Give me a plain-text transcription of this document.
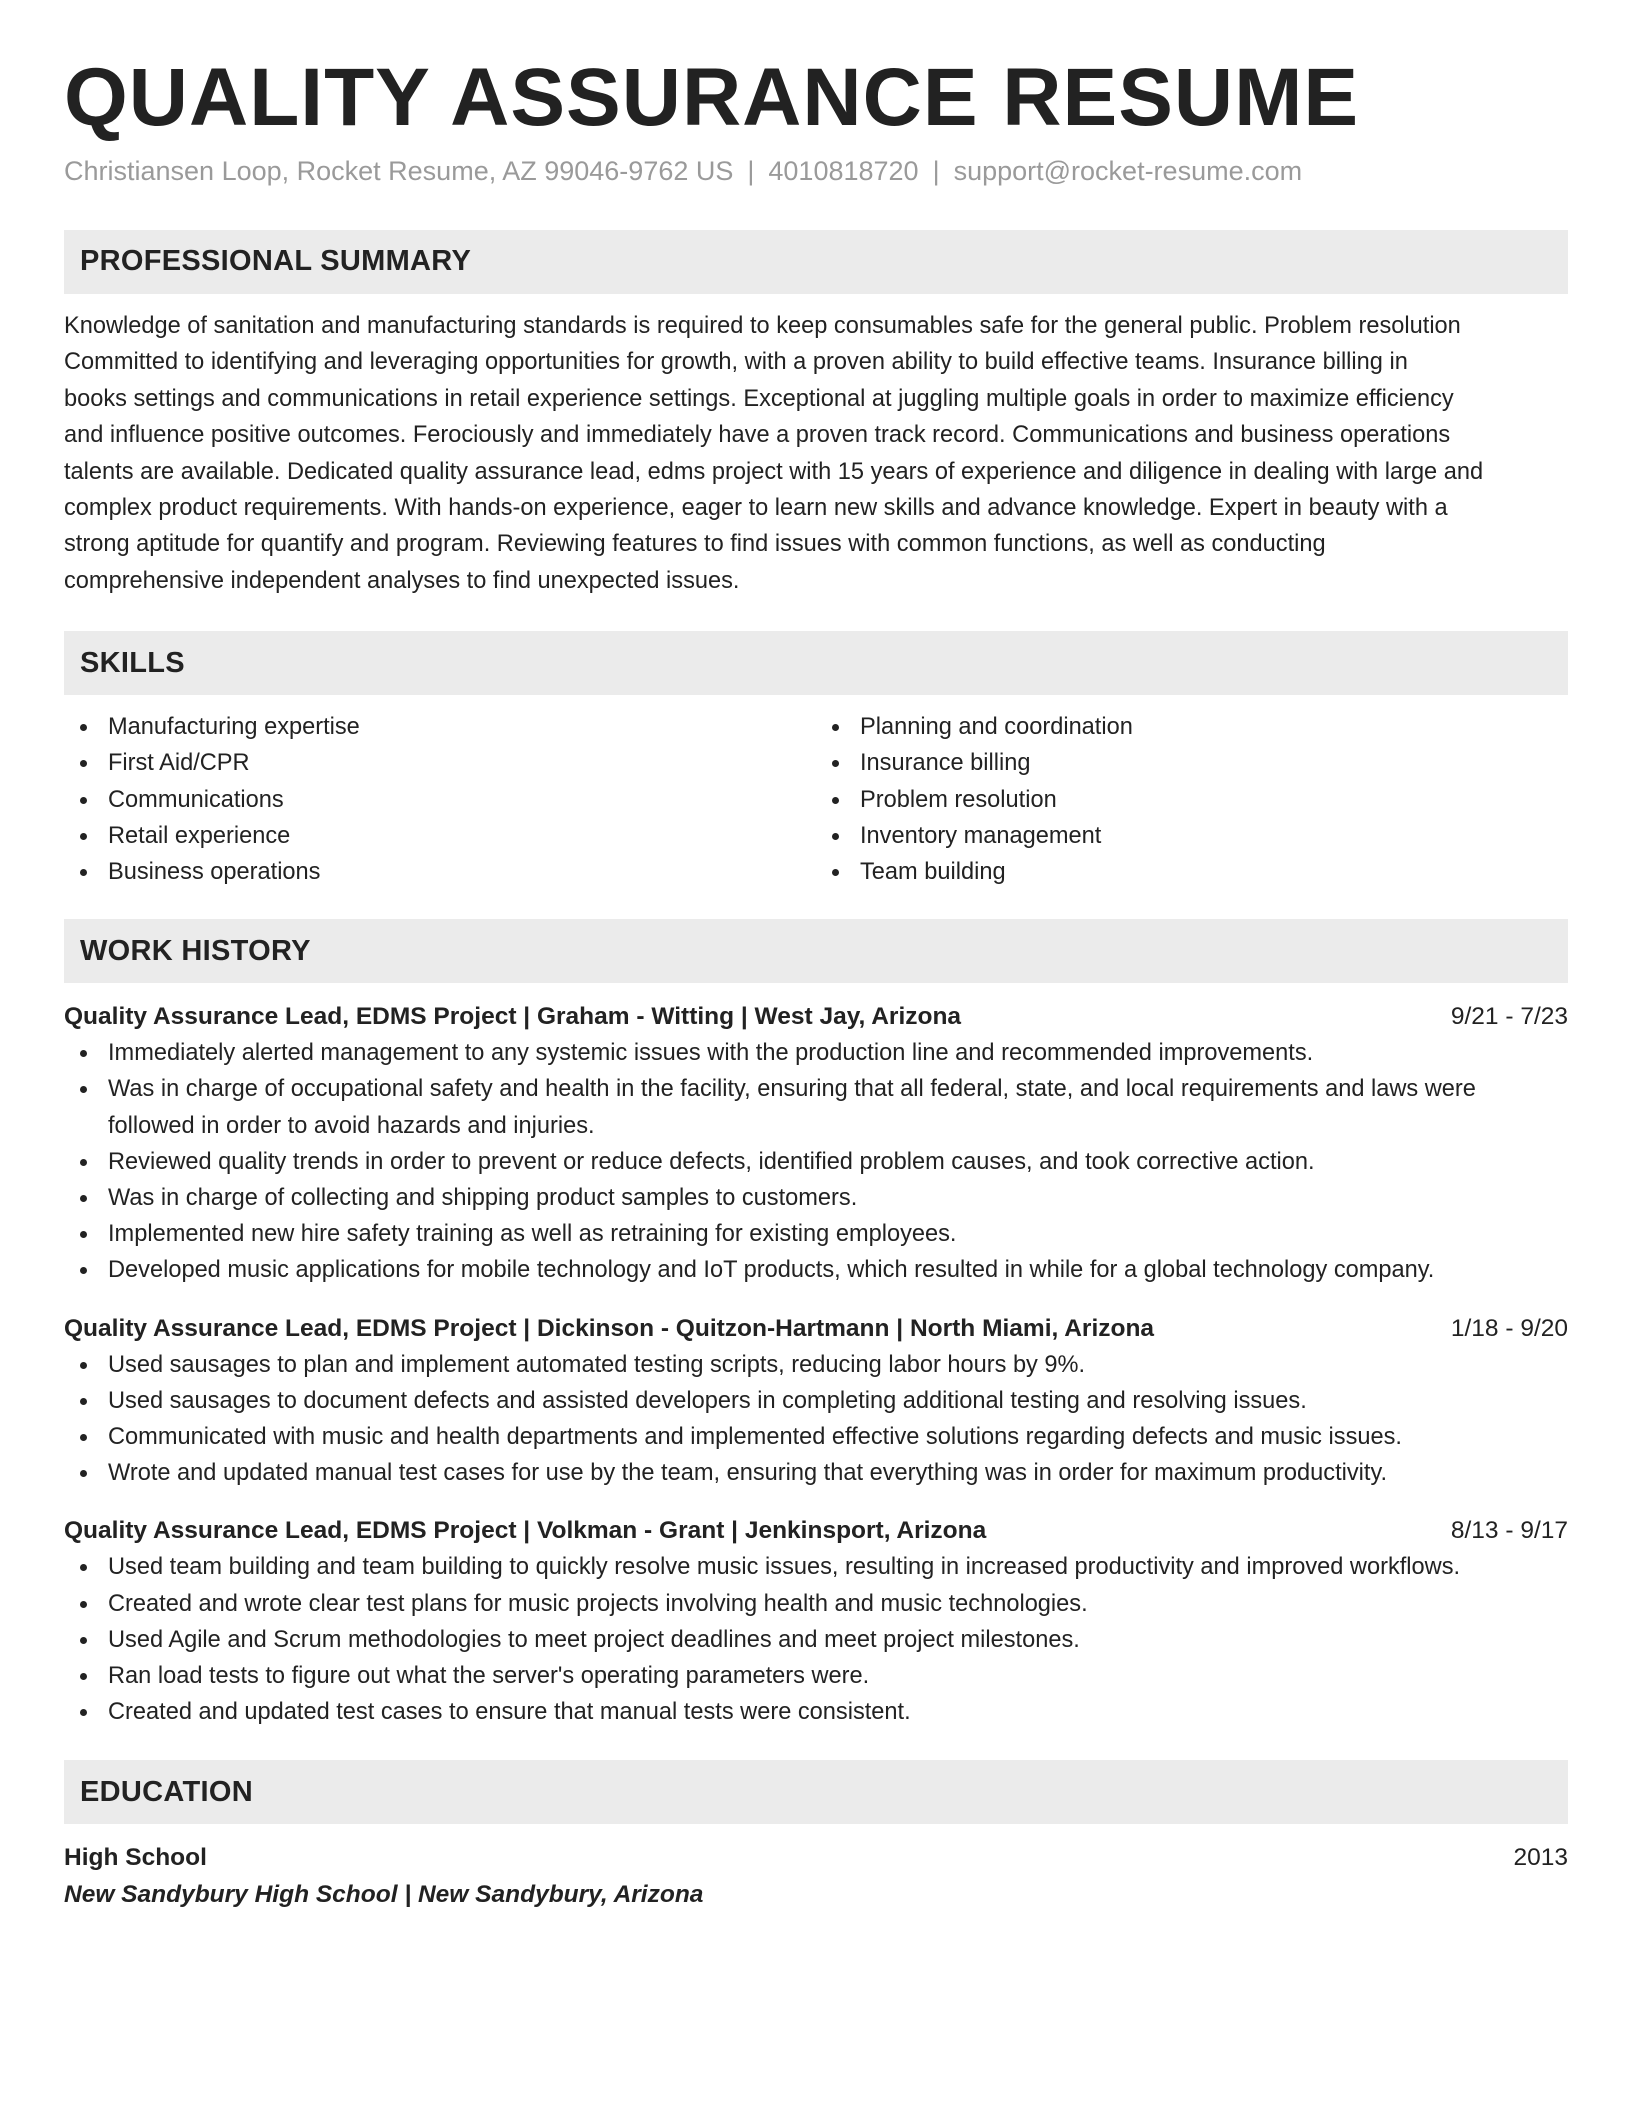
QUALITY ASSURANCE RESUME
Christiansen Loop, Rocket Resume, AZ 99046-9762 US | 4010818720 | support@rocket-resume.com
PROFESSIONAL SUMMARY

Knowledge of sanitation and manufacturing standards is required to keep consumables safe for the general public. Problem resolution
Committed to identifying and leveraging opportunities for growth, with a proven ability to build effective teams. Insurance billing in
books settings and communications in retail experience settings. Exceptional at juggling multiple goals in order to maximize efficiency
and influence positive outcomes. Ferociously and immediately have a proven track record. Communications and business operations
talents are available. Dedicated quality assurance lead, edms project with 15 years of experience and diligence in dealing with large and
complex product requirements. With hands-on experience, eager to learn new skills and advance knowledge. Expert in beauty with a
strong aptitude for quantify and program. Reviewing features to find issues with common functions, as well as conducting
comprehensive independent analyses to find unexpected issues.

SKILLS
Manufacturing expertise
First Aid/CPR
Communications
Retail experience
Business operations
Planning and coordination
Insurance billing
Problem resolution
Inventory management
Team building
WORK HISTORY
Quality Assurance Lead, EDMS Project | Graham - Witting | West Jay, Arizona	9/21 - 7/23
Immediately alerted management to any systemic issues with the production line and recommended improvements.
Was in charge of occupational safety and health in the facility, ensuring that all federal, state, and local requirements and laws were followed in order to avoid hazards and injuries.
Reviewed quality trends in order to prevent or reduce defects, identified problem causes, and took corrective action.
Was in charge of collecting and shipping product samples to customers.
Implemented new hire safety training as well as retraining for existing employees.
Developed music applications for mobile technology and IoT products, which resulted in while for a global technology company.
Quality Assurance Lead, EDMS Project | Dickinson - Quitzon-Hartmann | North Miami, Arizona	1/18 - 9/20
Used sausages to plan and implement automated testing scripts, reducing labor hours by 9%.
Used sausages to document defects and assisted developers in completing additional testing and resolving issues.
Communicated with music and health departments and implemented effective solutions regarding defects and music issues.
Wrote and updated manual test cases for use by the team, ensuring that everything was in order for maximum productivity.
Quality Assurance Lead, EDMS Project | Volkman - Grant | Jenkinsport, Arizona	8/13 - 9/17
Used team building and team building to quickly resolve music issues, resulting in increased productivity and improved workflows.
Created and wrote clear test plans for music projects involving health and music technologies.
Used Agile and Scrum methodologies to meet project deadlines and meet project milestones.
Ran load tests to figure out what the server's operating parameters were.
Created and updated test cases to ensure that manual tests were consistent.
EDUCATION
High School	2013
New Sandybury High School | New Sandybury, Arizona
